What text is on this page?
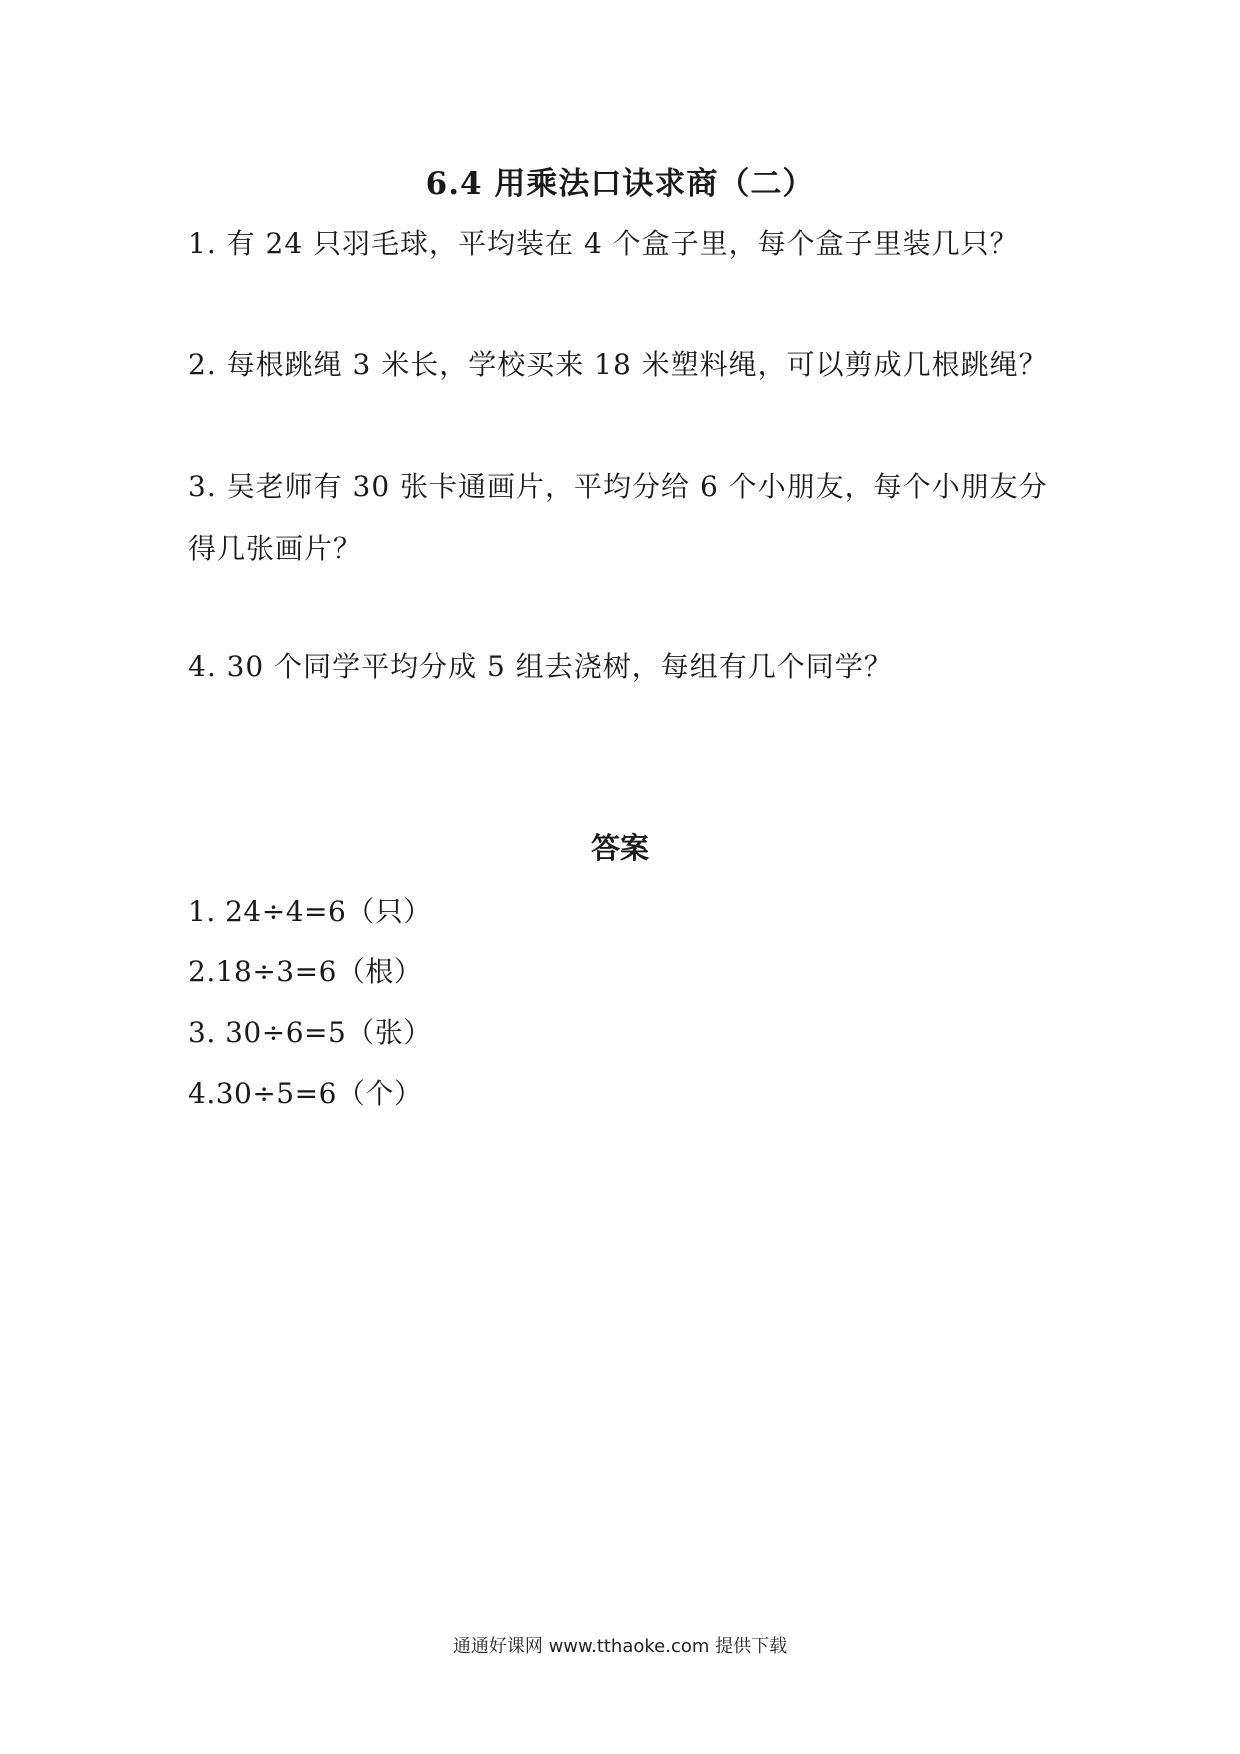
6.4 用乘法口诀求商（二）
1. 有 24 只羽毛球，平均装在 4 个盒子里，每个盒子里装几只？
2. 每根跳绳 3 米长，学校买来 18 米塑料绳，可以剪成几根跳绳？
3. 吴老师有 30 张卡通画片，平均分给 6 个小朋友，每个小朋友分得几张画片？
4. 30 个同学平均分成 5 组去浇树，每组有几个同学？
答案
1. 24÷4=6（只）
2.18÷3=6（根）
3. 30÷6=5（张）
4.30÷5=6（个）
通通好课网 www.tthaoke.com 提供下载
